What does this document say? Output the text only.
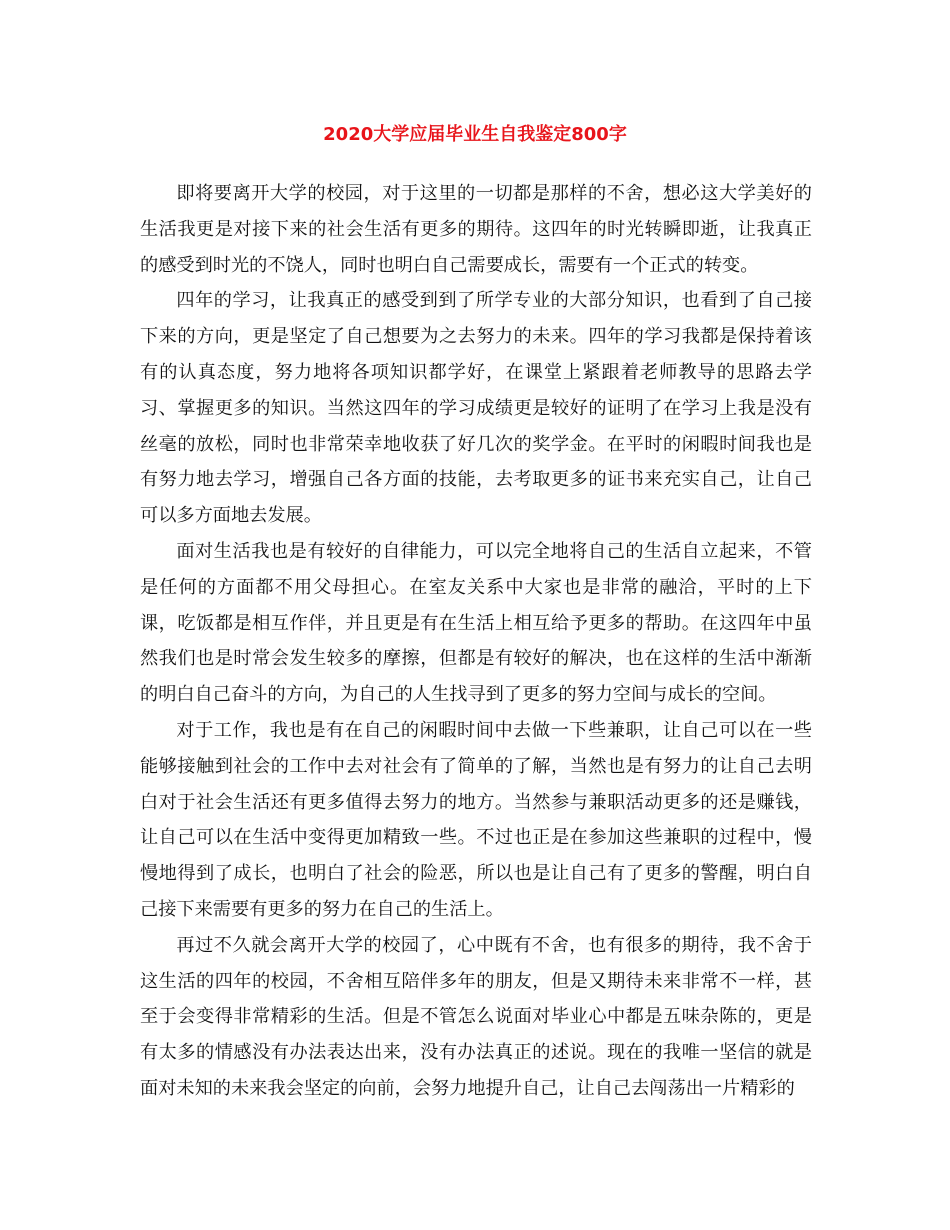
2020大学应届毕业生自我鉴定800字

即将要离开大学的校园，对于这里的一切都是那样的不舍，想必这大学美好的生活我更是对接下来的社会生活有更多的期待。这四年的时光转瞬即逝，让我真正的感受到时光的不饶人，同时也明白自己需要成长，需要有一个正式的转变。

四年的学习，让我真正的感受到到了所学专业的大部分知识，也看到了自己接下来的方向，更是坚定了自己想要为之去努力的未来。四年的学习我都是保持着该有的认真态度，努力地将各项知识都学好，在课堂上紧跟着老师教导的思路去学习、掌握更多的知识。当然这四年的学习成绩更是较好的证明了在学习上我是没有丝毫的放松，同时也非常荣幸地收获了好几次的奖学金。在平时的闲暇时间我也是有努力地去学习，增强自己各方面的技能，去考取更多的证书来充实自己，让自己可以多方面地去发展。

面对生活我也是有较好的自律能力，可以完全地将自己的生活自立起来，不管是任何的方面都不用父母担心。在室友关系中大家也是非常的融洽，平时的上下课，吃饭都是相互作伴，并且更是有在生活上相互给予更多的帮助。在这四年中虽然我们也是时常会发生较多的摩擦，但都是有较好的解决，也在这样的生活中渐渐的明白自己奋斗的方向，为自己的人生找寻到了更多的努力空间与成长的空间。

对于工作，我也是有在自己的闲暇时间中去做一下些兼职，让自己可以在一些能够接触到社会的工作中去对社会有了简单的了解，当然也是有努力的让自己去明白对于社会生活还有更多值得去努力的地方。当然参与兼职活动更多的还是赚钱，让自己可以在生活中变得更加精致一些。不过也正是在参加这些兼职的过程中，慢慢地得到了成长，也明白了社会的险恶，所以也是让自己有了更多的警醒，明白自己接下来需要有更多的努力在自己的生活上。

再过不久就会离开大学的校园了，心中既有不舍，也有很多的期待，我不舍于这生活的四年的校园，不舍相互陪伴多年的朋友，但是又期待未来非常不一样，甚至于会变得非常精彩的生活。但是不管怎么说面对毕业心中都是五味杂陈的，更是有太多的情感没有办法表达出来，没有办法真正的述说。现在的我唯一坚信的就是面对未知的未来我会坚定的向前，会努力地提升自己，让自己去闯荡出一片精彩的
